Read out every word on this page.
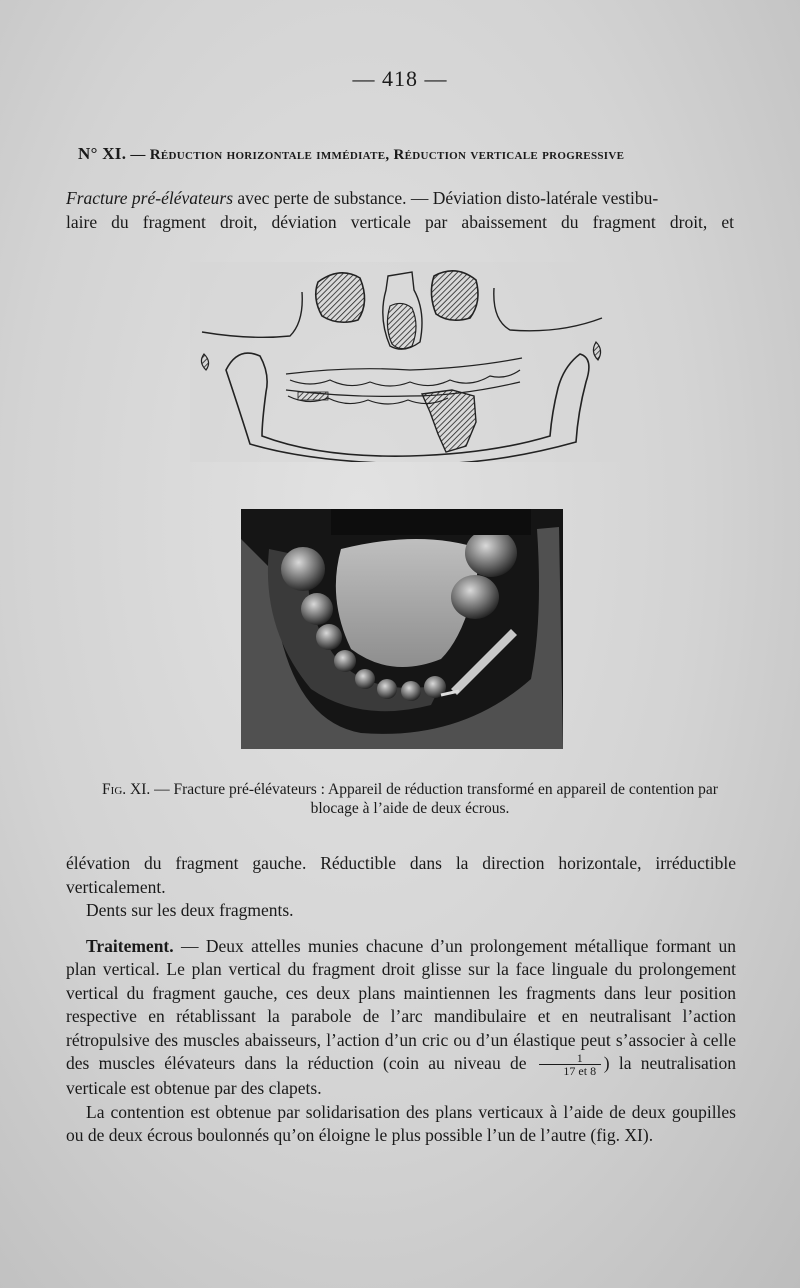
— 418 —
N° XI. — Réduction horizontale immédiate, Réduction verticale progressive
Fracture pré-élévateurs avec perte de substance. — Déviation disto-latérale vestibu-
laire du fragment droit, déviation verticale par abaissement du fragment droit, et
Fig. XI. — Fracture pré-élévateurs : Appareil de réduction transformé en appareil de contention par blocage à l’aide de deux écrous.

élévation du fragment gauche. Réductible dans la direction horizontale, irréductible verticalement.

Dents sur les deux fragments.

Traitement. — Deux attelles munies chacune d’un prolongement métallique formant un plan vertical. Le plan vertical du fragment droit glisse sur la face linguale du prolongement vertical du fragment gauche, ces deux plans maintiennen les fragments dans leur position respective en rétablissant la parabole de l’arc mandibulaire et en neutralisant l’action rétropulsive des muscles abaisseurs, l’action d’un cric ou d’un élastique peut s’associer à celle des muscles élévateurs dans la réduction (coin au niveau de $\frac{1}{17 et 8}$ ) la neutralisation verticale est obtenue par des clapets.

La contention est obtenue par solidarisation des plans verticaux à l’aide de deux goupilles ou de deux écrous boulonnés qu’on éloigne le plus possible l’un de l’autre (fig. XI).
